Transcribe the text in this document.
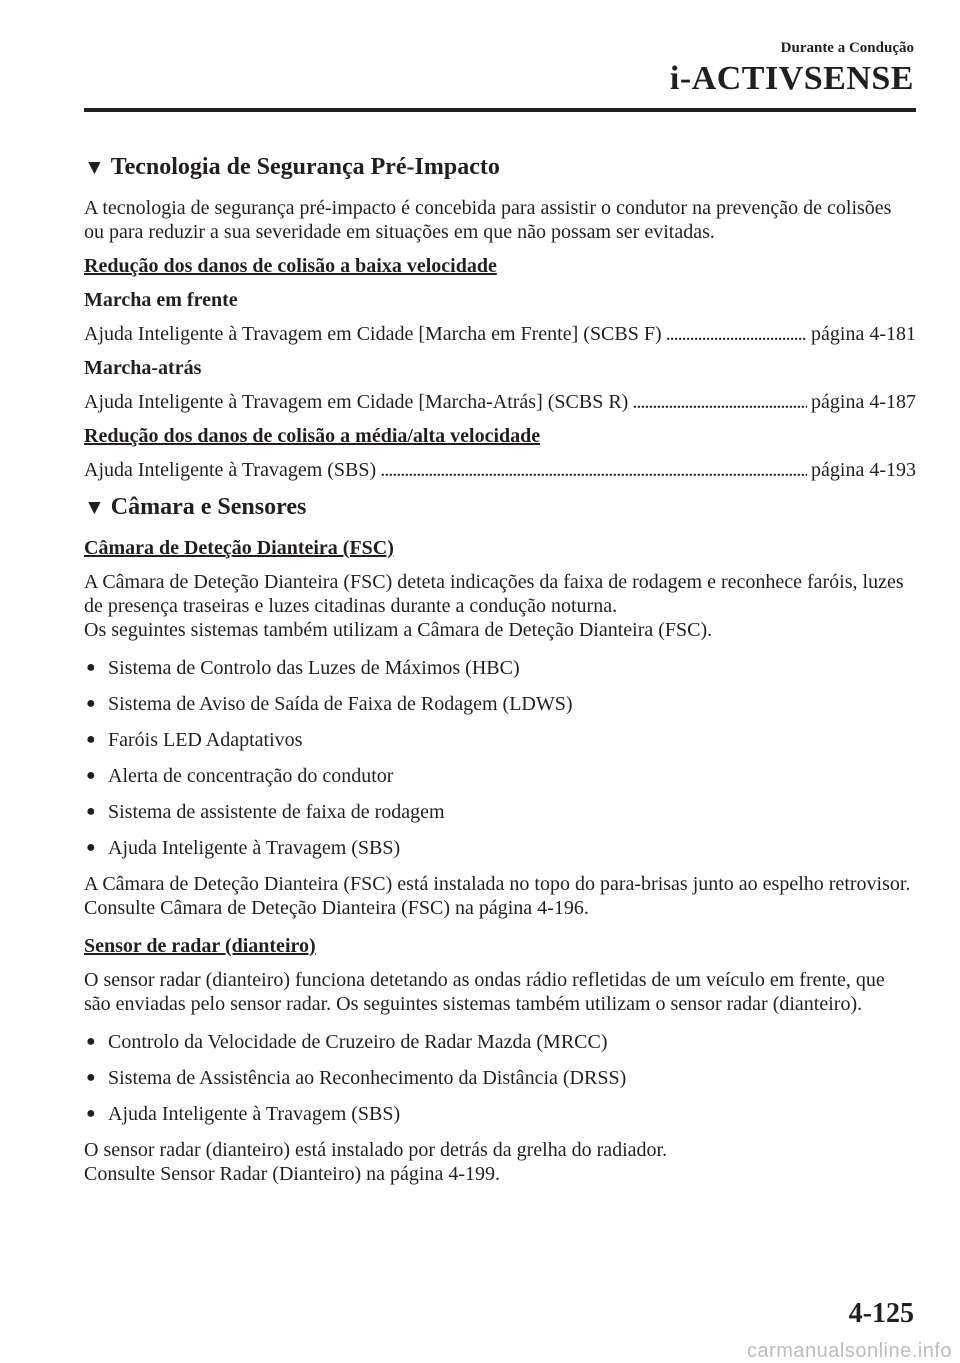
Durante a Condução
i-ACTIVSENSE
▼ Tecnologia de Segurança Pré-Impacto

A tecnologia de segurança pré-impacto é concebida para assistir o condutor na prevenção de colisões ou para reduzir a sua severidade em situações em que não possam ser evitadas.

Redução dos danos de colisão a baixa velocidade

Marcha em frente

Ajuda Inteligente à Travagem em Cidade [Marcha em Frente] (SCBS F) . . .	página 4-181

Marcha-atrás

Ajuda Inteligente à Travagem em Cidade [Marcha-Atrás] (SCBS R) . . .	página 4-187

Redução dos danos de colisão a média/alta velocidade

Ajuda Inteligente à Travagem (SBS) . . .	página 4-193
▼ Câmara e Sensores

Câmara de Deteção Dianteira (FSC)

A Câmara de Deteção Dianteira (FSC) deteta indicações da faixa de rodagem e reconhece faróis, luzes de presença traseiras e luzes citadinas durante a condução noturna.
Os seguintes sistemas também utilizam a Câmara de Deteção Dianteira (FSC).

● Sistema de Controlo das Luzes de Máximos (HBC)
● Sistema de Aviso de Saída de Faixa de Rodagem (LDWS)
● Faróis LED Adaptativos
● Alerta de concentração do condutor
● Sistema de assistente de faixa de rodagem
● Ajuda Inteligente à Travagem (SBS)

A Câmara de Deteção Dianteira (FSC) está instalada no topo do para-brisas junto ao espelho retrovisor.
Consulte Câmara de Deteção Dianteira (FSC) na página 4-196.

Sensor de radar (dianteiro)

O sensor radar (dianteiro) funciona detetando as ondas rádio refletidas de um veículo em frente, que são enviadas pelo sensor radar. Os seguintes sistemas também utilizam o sensor radar (dianteiro).

● Controlo da Velocidade de Cruzeiro de Radar Mazda (MRCC)
● Sistema de Assistência ao Reconhecimento da Distância (DRSS)
● Ajuda Inteligente à Travagem (SBS)

O sensor radar (dianteiro) está instalado por detrás da grelha do radiador.
Consulte Sensor Radar (Dianteiro) na página 4-199.

4-125
carmanualsonline.info
